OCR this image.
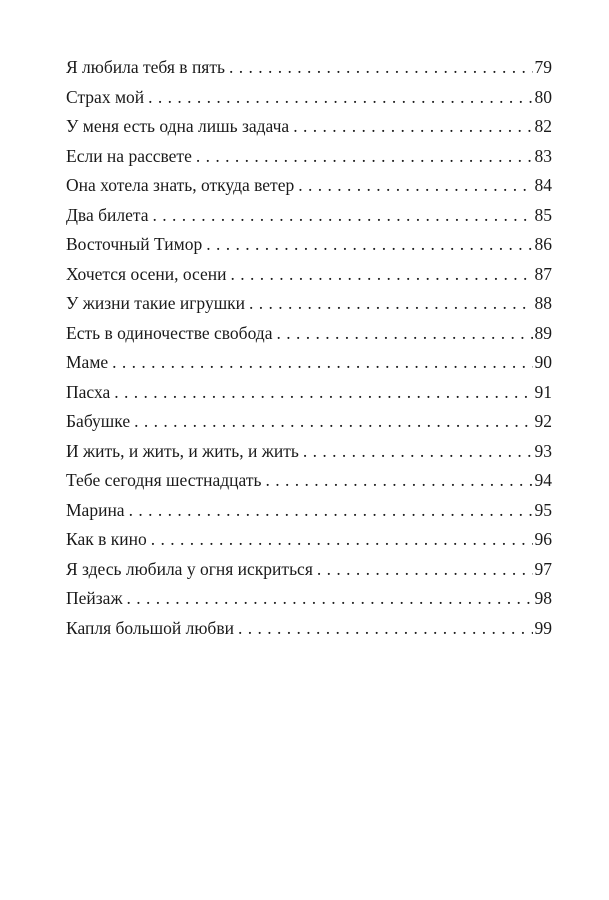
Я любила тебя в пять . . .	79
Страх мой . . .	80
У меня есть одна лишь задача . . .	82
Если на рассвете . . .	83
Она хотела знать, откуда ветер . . .	84
Два билета . . .	85
Восточный Тимор . . .	86
Хочется осени, осени . . .	87
У жизни такие игрушки . . .	88
Есть в одиночестве свобода . . .	89
Маме . . .	90
Пасха . . .	91
Бабушке . . .	92
И жить, и жить, и жить, и жить . . .	93
Тебе сегодня шестнадцать . . .	94
Марина . . .	95
Как в кино . . .	96
Я здесь любила у огня искриться . . .	97
Пейзаж . . .	98
Капля большой любви . . .	99
